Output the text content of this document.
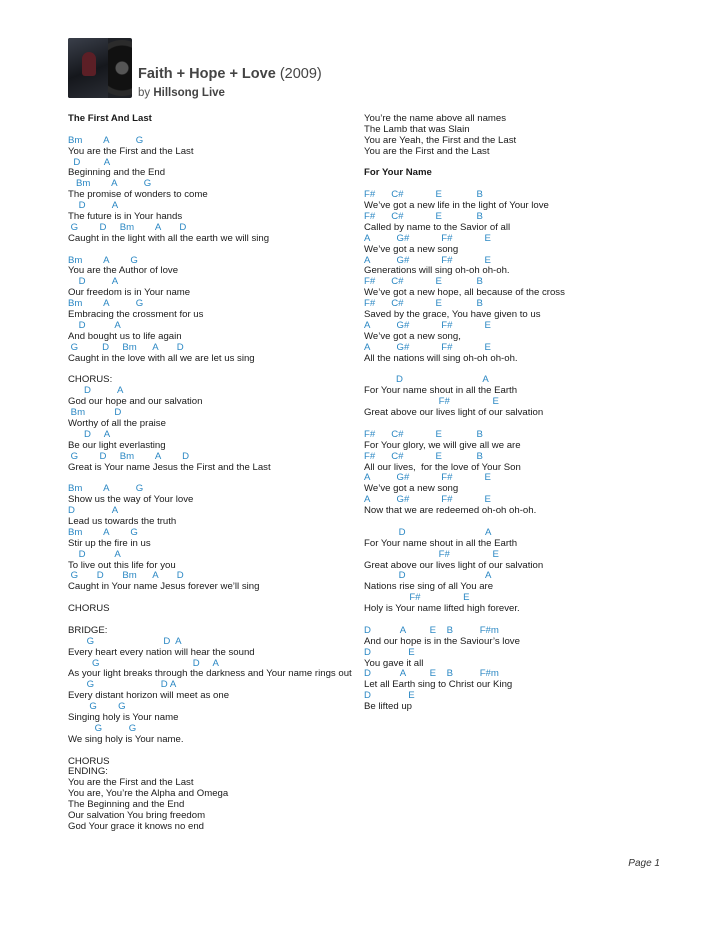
Faith + Hope + Love (2009)
by Hillsong Live
The First And Last
Bm        A          G
You are the First and the Last
D         A
Beginning and the End
Bm        A          G
The promise of wonders to come
D          A
The future is in Your hands
G        D     Bm        A       D
Caught in the light with all the earth we will sing
Bm        A        G
You are the Author of love
D          A
Our freedom is in Your name
Bm        A          G
Embracing the crossment for us
D           A
And bought us to life again
G         D     Bm      A       D
Caught in the love with all we are let us sing
CHORUS:
D          A
God our hope and our salvation
Bm           D
Worthy of all the praise
D     A
Be our light everlasting
G        D     Bm        A        D
Great is Your name Jesus the First and the Last
Bm        A          G
Show us the way of Your love
D              A
Lead us towards the truth
Bm        A        G
Stir up the fire in us
D           A
To live out this life for you
G       D       Bm      A       D
Caught in Your name Jesus forever we’ll sing
CHORUS
BRIDGE:
G                          D  A
Every heart every nation will hear the sound
G                                   D     A
As your light breaks through the darkness and Your name rings out
G                         D A
Every distant horizon will meet as one
G        G
Singing holy is Your name
G          G
We sing holy is Your name.
CHORUS
ENDING:
You are the First and the Last
You are, You’re the Alpha and Omega
The Beginning and the End
Our salvation You bring freedom
God Your grace it knows no end
You’re the name above all names
The Lamb that was Slain
You are Yeah, the First and the Last
You are the First and the Last
For Your Name
F#      C#            E             B
We’ve got a new life in the light of Your love
F#      C#            E             B
Called by name to the Savior of all
A          G#            F#            E
We’ve got a new song
A          G#            F#            E
Generations will sing oh-oh oh-oh.
F#      C#            E             B
We’ve got a new hope, all because of the cross
F#      C#            E             B
Saved by the grace, You have given to us
A          G#            F#            E
We’ve got a new song,
A          G#            F#            E
All the nations will sing oh-oh oh-oh.
D                              A
For Your name shout in all the Earth
F#                E
Great above our lives light of our salvation
F#      C#            E             B
For Your glory, we will give all we are
F#      C#            E             B
All our lives,  for the love of Your Son
A          G#            F#            E
We’ve got a new song
A          G#            F#            E
Now that we are redeemed oh-oh oh-oh.
D                              A
For Your name shout in all the Earth
F#                E
Great above our lives light of our salvation
D                              A
Nations rise sing of all You are
F#                E
Holy is Your name lifted high forever.
D           A         E    B          F#m
And our hope is in the Saviour’s love
D              E
You gave it all
D           A         E    B          F#m
Let all Earth sing to Christ our King
D              E
Be lifted up
Page 1
